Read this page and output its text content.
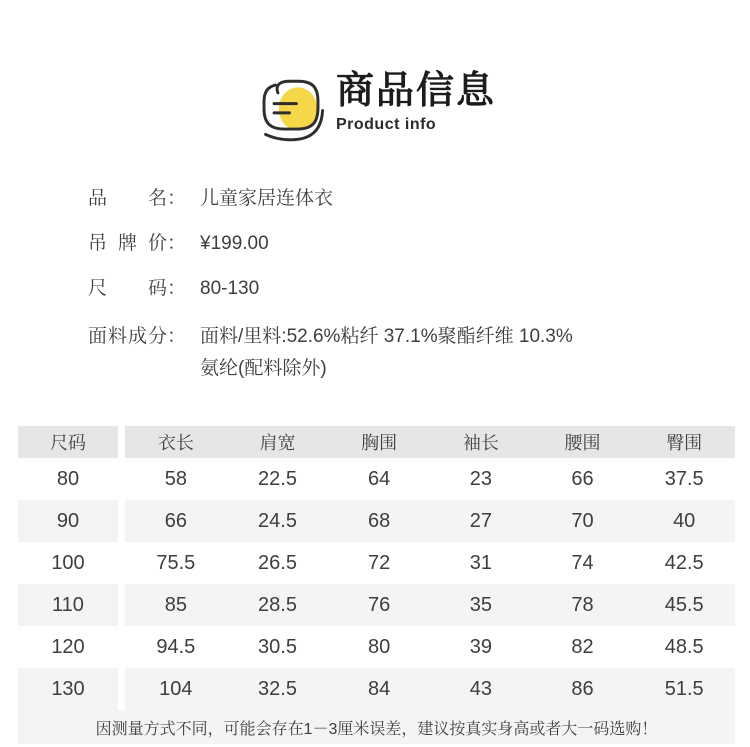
商品信息
Product info
品名 ： 儿童家居连体衣
吊牌价 ： ¥199.00
尺码 ： 80-130
面料成分 ： 面料/里料:52.6%粘纤 37.1%聚酯纤维 10.3%
氨纶(配料除外)
尺码	衣长	肩宽	胸围	袖长	腰围	臀围
80	58	22.5	64	23	66	37.5
90	66	24.5	68	27	70	40
100	75.5	26.5	72	31	74	42.5
110	85	28.5	76	35	78	45.5
120	94.5	30.5	80	39	82	48.5
130	104	32.5	84	43	86	51.5
因测量方式不同，可能会存在1－3厘米误差，建议按真实身高或者大一码选购！
